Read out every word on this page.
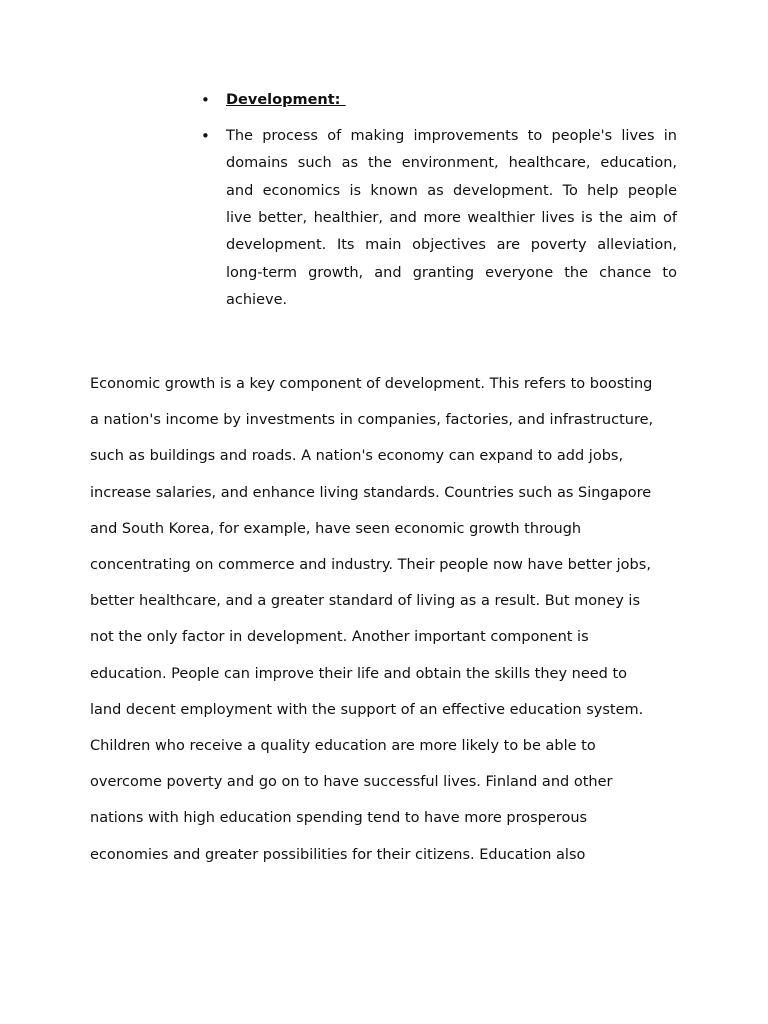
• Development:
• The process of making improvements to people's lives in
domains such as the environment, healthcare, education,
and economics is known as development. To help people
live better, healthier, and more wealthier lives is the aim of
development. Its main objectives are poverty alleviation,
long-term growth, and granting everyone the chance to
achieve.
Economic growth is a key component of development. This refers to boosting
a nation's income by investments in companies, factories, and infrastructure,
such as buildings and roads. A nation's economy can expand to add jobs,
increase salaries, and enhance living standards. Countries such as Singapore
and South Korea, for example, have seen economic growth through
concentrating on commerce and industry. Their people now have better jobs,
better healthcare, and a greater standard of living as a result. But money is
not the only factor in development. Another important component is
education. People can improve their life and obtain the skills they need to
land decent employment with the support of an effective education system.
Children who receive a quality education are more likely to be able to
overcome poverty and go on to have successful lives. Finland and other
nations with high education spending tend to have more prosperous
economies and greater possibilities for their citizens. Education also
